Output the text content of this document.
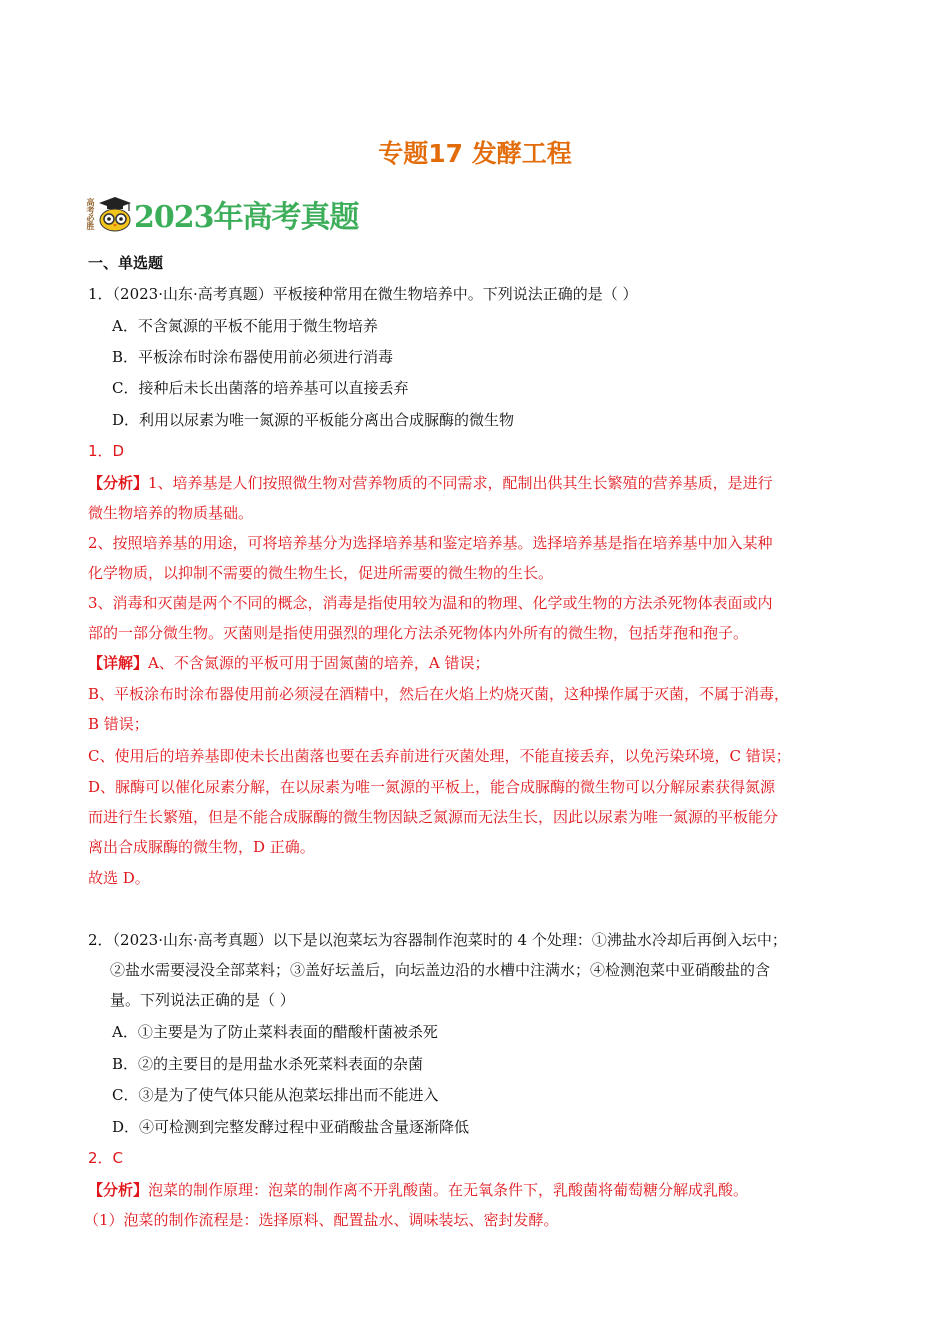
专题17 发酵工程
高考必胜 2023年高考真题
一、单选题
1．（2023·山东·高考真题）平板接种常用在微生物培养中。下列说法正确的是（ ）
A．不含氮源的平板不能用于微生物培养
B．平板涂布时涂布器使用前必须进行消毒
C．接种后未长出菌落的培养基可以直接丢弃
D．利用以尿素为唯一氮源的平板能分离出合成脲酶的微生物
1．D
【分析】1、培养基是人们按照微生物对营养物质的不同需求，配制出供其生长繁殖的营养基质，是进行
微生物培养的物质基础。
2、按照培养基的用途，可将培养基分为选择培养基和鉴定培养基。选择培养基是指在培养基中加入某种
化学物质，以抑制不需要的微生物生长，促进所需要的微生物的生长。
3、消毒和灭菌是两个不同的概念，消毒是指使用较为温和的物理、化学或生物的方法杀死物体表面或内
部的一部分微生物。灭菌则是指使用强烈的理化方法杀死物体内外所有的微生物，包括芽孢和孢子。
【详解】A、不含氮源的平板可用于固氮菌的培养，A 错误；
B、平板涂布时涂布器使用前必须浸在酒精中，然后在火焰上灼烧灭菌，这种操作属于灭菌，不属于消毒，
B 错误；
C、使用后的培养基即使未长出菌落也要在丢弃前进行灭菌处理，不能直接丢弃，以免污染环境，C 错误；
D、脲酶可以催化尿素分解，在以尿素为唯一氮源的平板上，能合成脲酶的微生物可以分解尿素获得氮源
而进行生长繁殖，但是不能合成脲酶的微生物因缺乏氮源而无法生长，因此以尿素为唯一氮源的平板能分
离出合成脲酶的微生物，D 正确。
故选 D。
2．（2023·山东·高考真题）以下是以泡菜坛为容器制作泡菜时的 4 个处理：①沸盐水冷却后再倒入坛中；
②盐水需要浸没全部菜料；③盖好坛盖后，向坛盖边沿的水槽中注满水；④检测泡菜中亚硝酸盐的含
量。下列说法正确的是（ ）
A．①主要是为了防止菜料表面的醋酸杆菌被杀死
B．②的主要目的是用盐水杀死菜料表面的杂菌
C．③是为了使气体只能从泡菜坛排出而不能进入
D．④可检测到完整发酵过程中亚硝酸盐含量逐渐降低
2．C
【分析】泡菜的制作原理：泡菜的制作离不开乳酸菌。在无氧条件下，乳酸菌将葡萄糖分解成乳酸。
（1）泡菜的制作流程是：选择原料、配置盐水、调味装坛、密封发酵。
